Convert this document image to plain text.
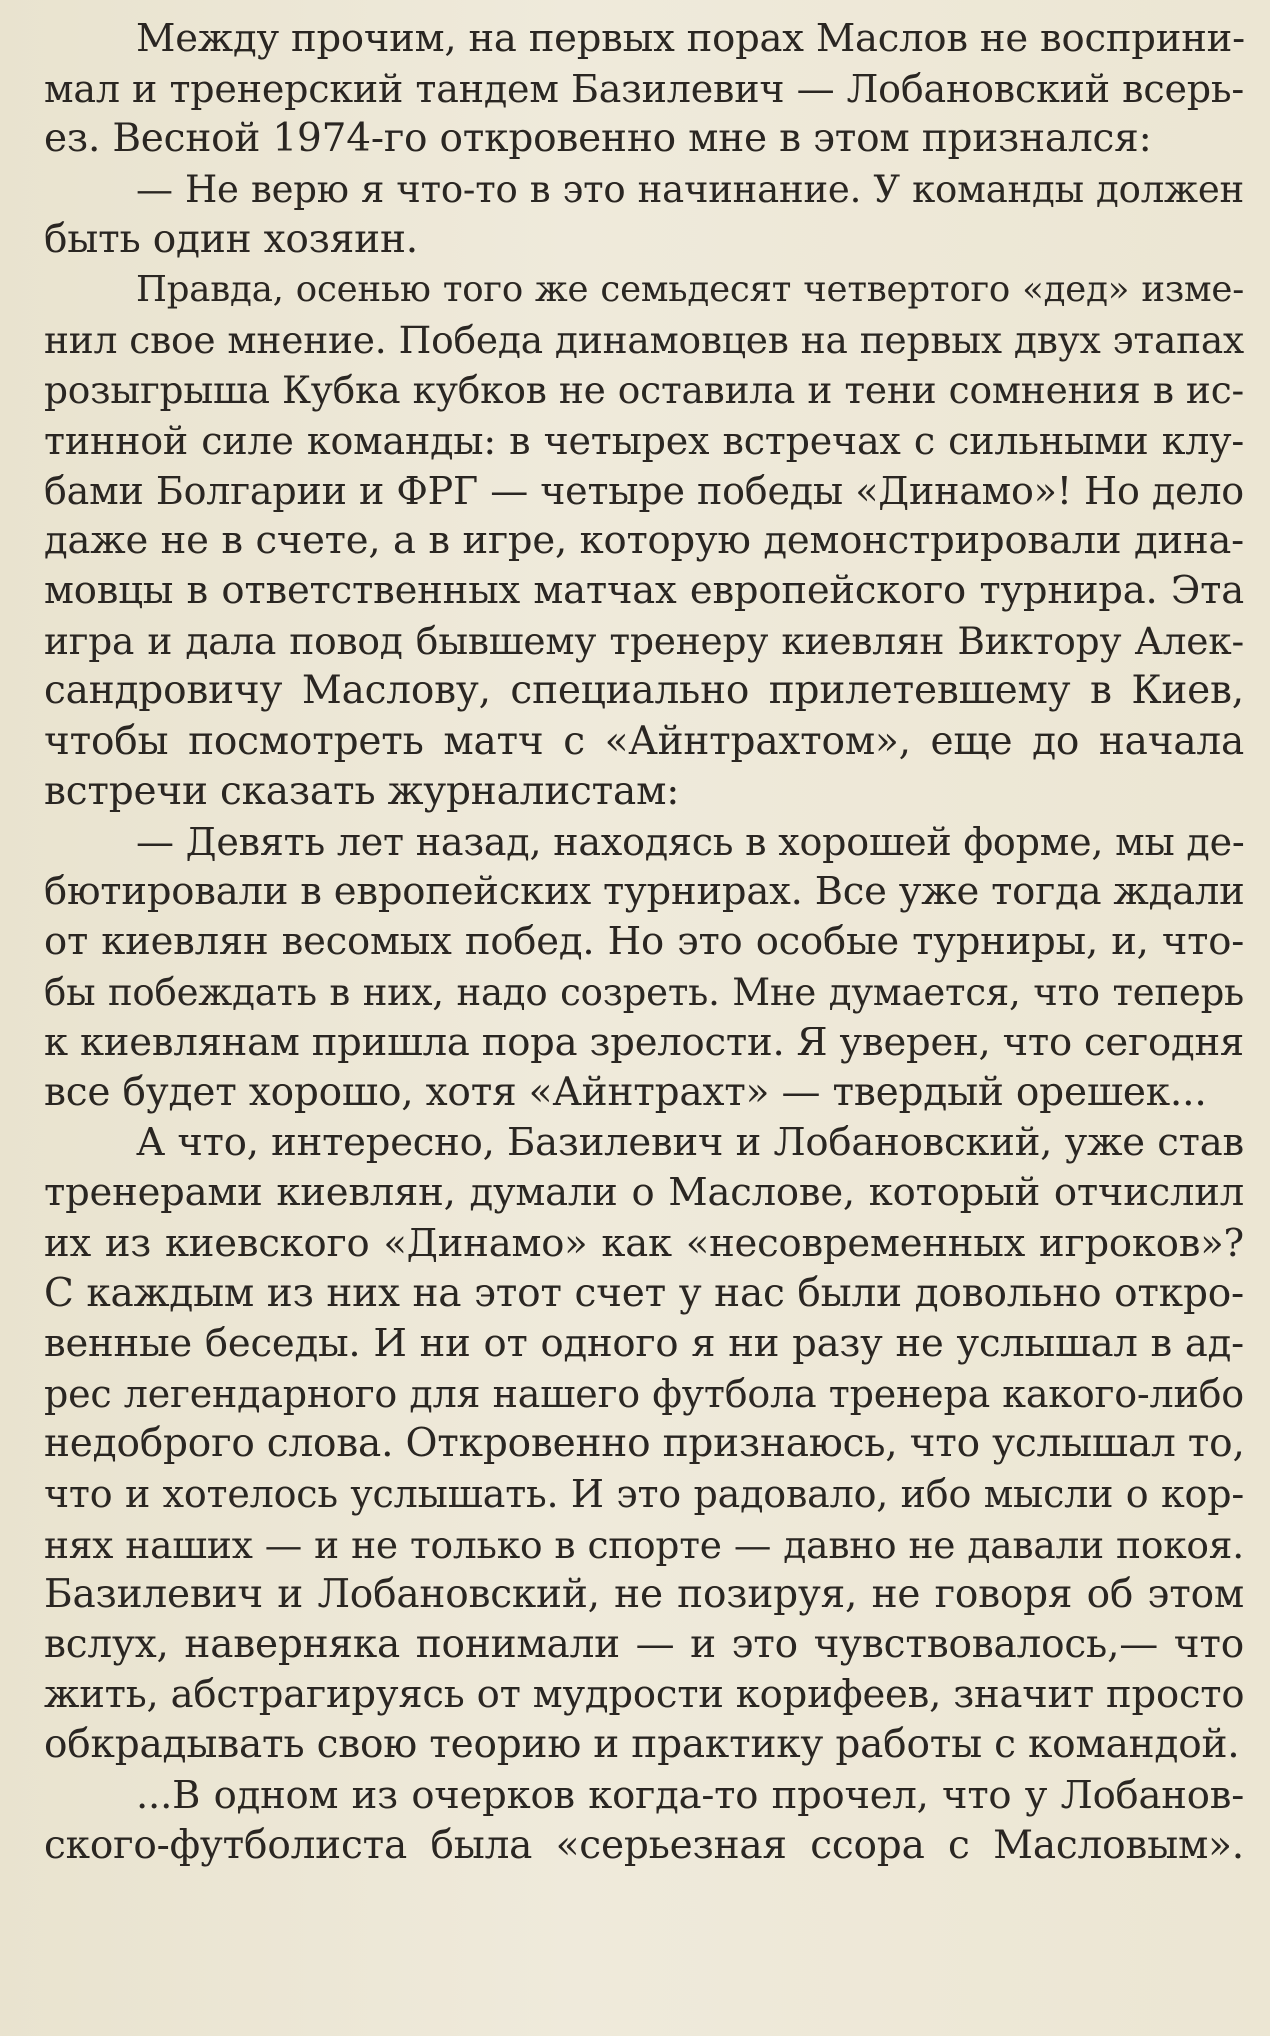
Между прочим, на первых порах Маслов не восприни-
мал и тренерский тандем Базилевич — Лобановский всерь-
ез. Весной 1974-го откровенно мне в этом признался:
— Не верю я что-то в это начинание. У команды должен
быть один хозяин.
Правда, осенью того же семьдесят четвертого «дед» изме-
нил свое мнение. Победа динамовцев на первых двух этапах
розыгрыша Кубка кубков не оставила и тени сомнения в ис-
тинной силе команды: в четырех встречах с сильными клу-
бами Болгарии и ФРГ — четыре победы «Динамо»! Но дело
даже не в счете, а в игре, которую демонстрировали дина-
мовцы в ответственных матчах европейского турнира. Эта
игра и дала повод бывшему тренеру киевлян Виктору Алек-
сандровичу Маслову, специально прилетевшему в Киев,
чтобы посмотреть матч с «Айнтрахтом», еще до начала
встречи сказать журналистам:
— Девять лет назад, находясь в хорошей форме, мы де-
бютировали в европейских турнирах. Все уже тогда ждали
от киевлян весомых побед. Но это особые турниры, и, что-
бы побеждать в них, надо созреть. Мне думается, что теперь
к киевлянам пришла пора зрелости. Я уверен, что сегодня
все будет хорошо, хотя «Айнтрахт» — твердый орешек...
А что, интересно, Базилевич и Лобановский, уже став
тренерами киевлян, думали о Маслове, который отчислил
их из киевского «Динамо» как «несовременных игроков»?
С каждым из них на этот счет у нас были довольно откро-
венные беседы. И ни от одного я ни разу не услышал в ад-
рес легендарного для нашего футбола тренера какого-либо
недоброго слова. Откровенно признаюсь, что услышал то,
что и хотелось услышать. И это радовало, ибо мысли о кор-
нях наших — и не только в спорте — давно не давали покоя.
Базилевич и Лобановский, не позируя, не говоря об этом
вслух, наверняка понимали — и это чувствовалось,— что
жить, абстрагируясь от мудрости корифеев, значит просто
обкрадывать свою теорию и практику работы с командой.
...В одном из очерков когда-то прочел, что у Лобанов-
ского-футболиста была «серьезная ссора с Масловым».
